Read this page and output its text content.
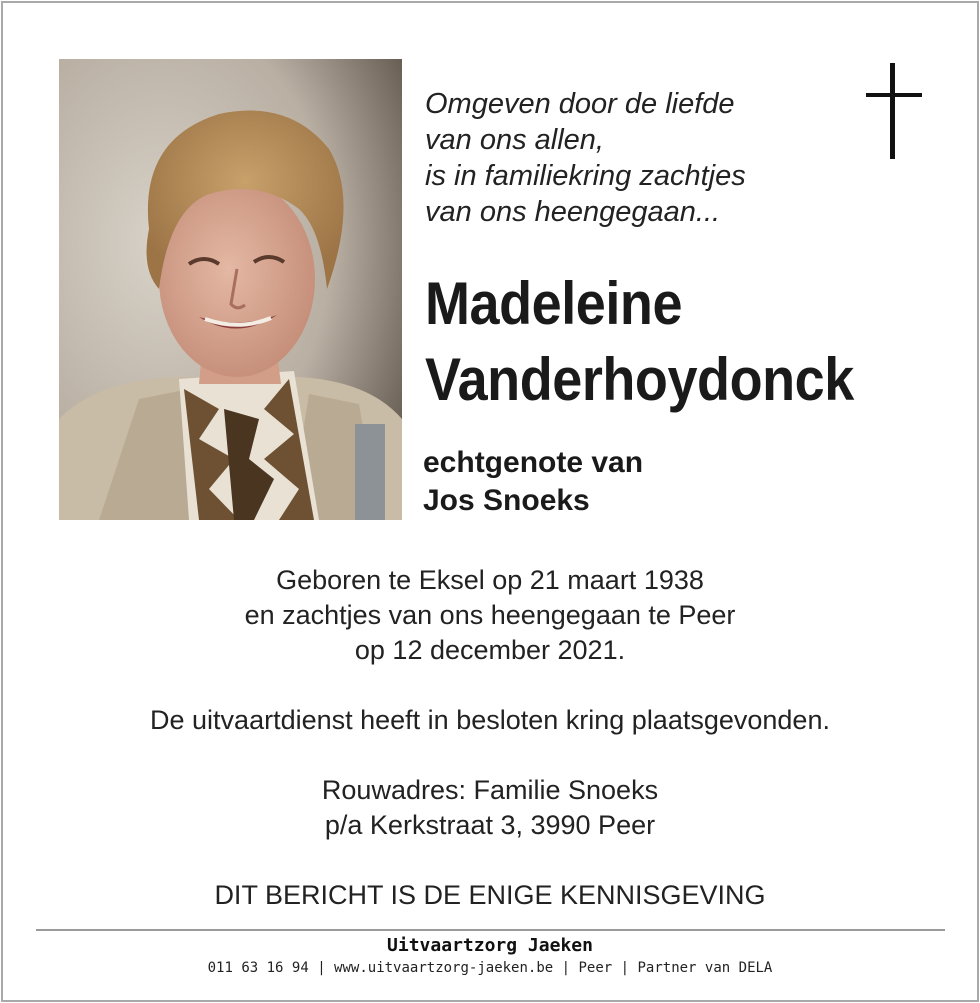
Omgeven door de liefde
van ons allen,
is in familiekring zachtjes
van ons heengegaan...
Madeleine
Vanderhoydonck
echtgenote van
Jos Snoeks
Geboren te Eksel op 21 maart 1938
en zachtjes van ons heengegaan te Peer
op 12 december 2021.
De uitvaartdienst heeft in besloten kring plaatsgevonden.
Rouwadres: Familie Snoeks
p/a Kerkstraat 3, 3990 Peer
DIT BERICHT IS DE ENIGE KENNISGEVING
Uitvaartzorg Jaeken
011 63 16 94 | www.uitvaartzorg-jaeken.be | Peer | Partner van DELA
